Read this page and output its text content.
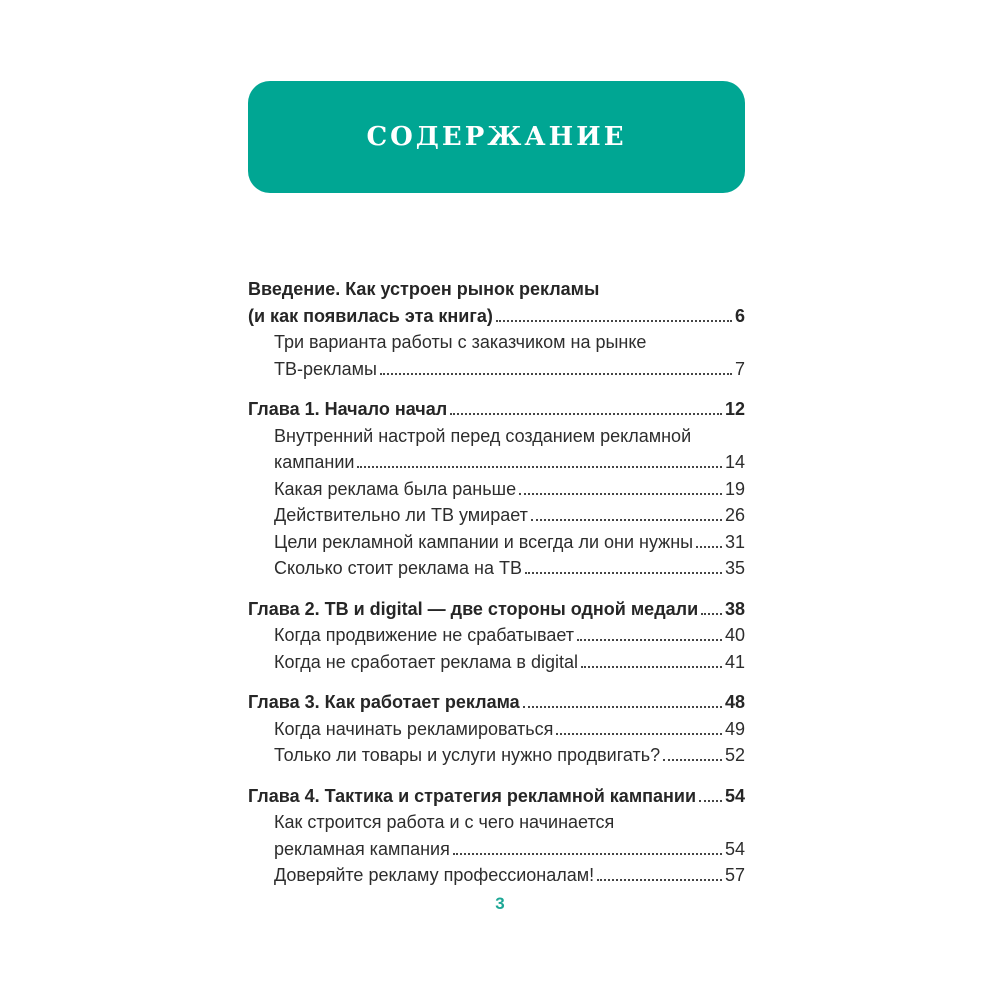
СОДЕРЖАНИЕ
Введение. Как устроен рынок рекламы
(и как появилась эта книга)	6
Три варианта работы с заказчиком на рынке
ТВ-рекламы	7
Глава 1. Начало начал	12
Внутренний настрой перед созданием рекламной
кампании	14
Какая реклама была раньше	19
Действительно ли ТВ умирает	26
Цели рекламной кампании и всегда ли они нужны 31
Сколько стоит реклама на ТВ	35
Глава 2. ТВ и digital — две стороны одной медали 38
Когда продвижение не срабатывает	40
Когда не сработает реклама в digital	41
Глава 3. Как работает реклама	48
Когда начинать рекламироваться	49
Только ли товары и услуги нужно продвигать?	52
Глава 4. Тактика и стратегия рекламной кампании 54
Как строится работа и с чего начинается
рекламная кампания	54
Доверяйте рекламу профессионалам!	57
3
